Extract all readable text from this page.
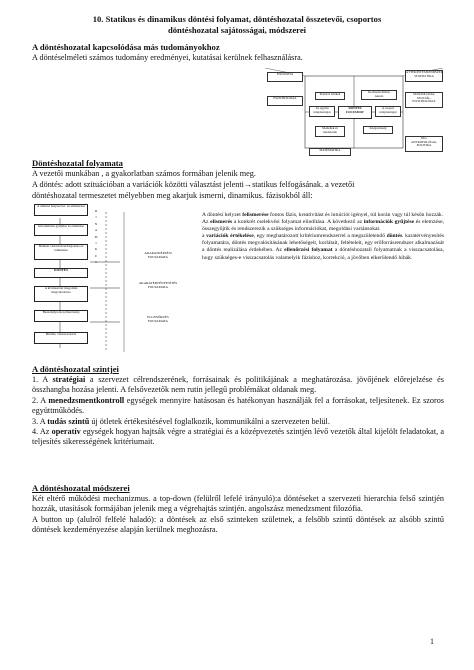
10. Statikus és dinamikus döntési folyamat, döntéshozatal összetevői, csoportos
döntéshozatal sajátosságai, módszerei
A döntéshozatal kapcsolódása más tudományokhoz
A döntéselméleti számos tudomány eredményei, kutatásai kerülnek felhasználásra.
FILOZÓFIA	ÁTTEKINTÉS/RENDSZER
STATISZTIKA
PSZICHOLÓGIA
Erkölcsi értékek	Kockázatvállalás
Akarat	SZOCIOLÓGIA,
SZOCIÁL-
PSZICHOLÓGIA
Az egyéni
tulajdonságai
DÖNTÉS
FOLYAMAT
A csoport
tulajdonságai
Modellek és
módszerek
Közgazdaság
MATEMATIKA
JOG,
ANTROPOLÓGIA,
POLITIKA
Döntéshozatal folyamata
A vezetői munkában , a gyakorlatban számos formában jelenik meg.
A döntés: adott szituációban a variációk közötti választást jelenti→statikus felfogásának. a vezetői
döntéshozatal termeszetet mélyebben meg akarjuk ismerni, dinamikus. fázisokból áll:
A döntési helyzet fel- és elismerése
Információk gyűjtése és elemzése
Döntési variációk kidolgozása és értékelése
DÖNTÉS
A kiválasztott megoldás megvalósítása
Beszabályozás (ellenőrzés)
Bírálás, visszacsatolás
D I N A M I K U S
AKARATKÉPZÉSI
FOLYAMATA
AKARATÉRVÉNYESÍTÉS
FOLYAMATA
ELLENŐRZÉS
FOLYAMATA
A döntési helyzet felismerése fontos fázis, kreativitást és intuíciót igényel, túl korán vagy túl későn hozzák.
Az elismerés a konkrét cselekvési folyamat elindítása. A következő az információk gyűjtése és elemzése, összegyűjtik és rendszerezik a szükséges információkat, megoldási variánsokat.
a variációk értékelése, egy meghatározott kritériumrendszerrel a megszületendő döntés. karatérvényesítés folyamatára, döntés megvalósításának lehetőségeit, korlátait, feltételeit, egy erőforrásrendszer alkalmazását a döntés realizálása érdekében. Az ellenőrzési folyamat a döntéshozatali folyamatnak a visszacsatolása, hogy szükséges-e visszacsatolás valamelyik fázishoz, korrekció, a jövőben elkerülendő hibák.
A döntéshozatal szintjei
1. A stratégiai a szervezet célrendszerének, forrásainak és politikájának a meghatározása. jövőjének előrejelzése és összhangba hozása jelenti. A felsővezetők nem rutin jellegű problémákat oldanak meg.
2. A menedzsmentkontroll egységek mennyire hatásosan és hatékonyan használják fel a forrásokat, teljesítenek. Ez szoros együttműködés.
3. A tudás szintű új ötletek értékesítésével foglalkozik, kommunikálni a szervezeten belül.
4. Az operatív egységek hogyan hajtsák végre a stratégiai és a középvezetés szintjén lévő vezetők által kijelölt feladatokat, a teljesítés sikerességének kritériumait.
A döntéshozatal módszerei
Két eltérő működési mechanizmus. a top-down (felülről lefelé irányuló):a döntéseket a szervezeti hierarchia felső szintjén hozzák, utasítások formájában jelenik meg a végrehajtás szintjén. angolszász menedzsment filozófia.
A button up (alulról felfelé haladó): a döntések az első szinteken születnek, a felsőbb szintű döntések az alsóbb szintű döntések kezdeményezése alapján kerülnek meghozásra.
1
